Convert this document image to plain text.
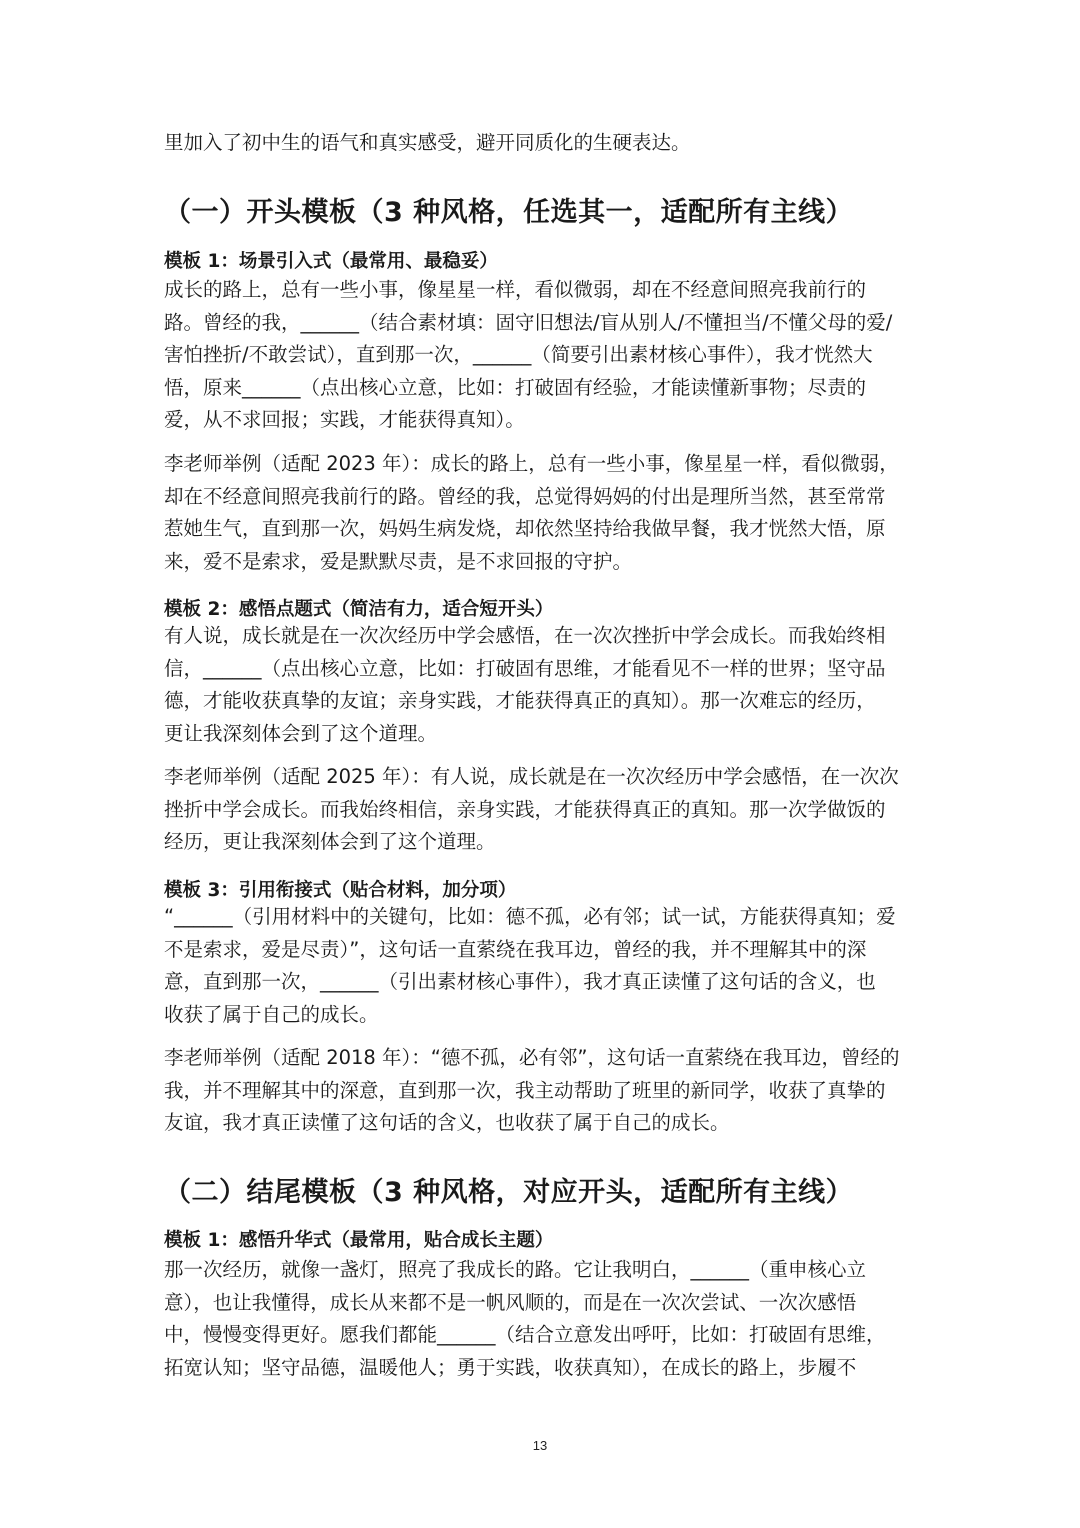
里加入了初中生的语气和真实感受，避开同质化的生硬表达。

（一）开头模板（3 种风格，任选其一，适配所有主线）
模板 1：场景引入式（最常用、最稳妥）

成长的路上，总有一些小事，像星星一样，看似微弱，却在不经意间照亮我前行的
路。曾经的我，______（结合素材填：固守旧想法/盲从别人/不懂担当/不懂父母的爱/
害怕挫折/不敢尝试），直到那一次，______（简要引出素材核心事件），我才恍然大
悟，原来______（点出核心立意，比如：打破固有经验，才能读懂新事物；尽责的
爱，从不求回报；实践，才能获得真知）。

李老师举例（适配 2023 年）：成长的路上，总有一些小事，像星星一样，看似微弱，
却在不经意间照亮我前行的路。曾经的我，总觉得妈妈的付出是理所当然，甚至常常
惹她生气，直到那一次，妈妈生病发烧，却依然坚持给我做早餐，我才恍然大悟，原
来，爱不是索求，爱是默默尽责，是不求回报的守护。

模板 2：感悟点题式（简洁有力，适合短开头）

有人说，成长就是在一次次经历中学会感悟，在一次次挫折中学会成长。而我始终相
信，______（点出核心立意，比如：打破固有思维，才能看见不一样的世界；坚守品
德，才能收获真挚的友谊；亲身实践，才能获得真正的真知）。那一次难忘的经历，
更让我深刻体会到了这个道理。

李老师举例（适配 2025 年）：有人说，成长就是在一次次经历中学会感悟，在一次次
挫折中学会成长。而我始终相信，亲身实践，才能获得真正的真知。那一次学做饭的
经历，更让我深刻体会到了这个道理。

模板 3：引用衔接式（贴合材料，加分项）

“______（引用材料中的关键句，比如：德不孤，必有邻；试一试，方能获得真知；爱
不是索求，爱是尽责）”，这句话一直萦绕在我耳边，曾经的我，并不理解其中的深
意，直到那一次，______（引出素材核心事件），我才真正读懂了这句话的含义，也
收获了属于自己的成长。

李老师举例（适配 2018 年）：“德不孤，必有邻”，这句话一直萦绕在我耳边，曾经的
我，并不理解其中的深意，直到那一次，我主动帮助了班里的新同学，收获了真挚的
友谊，我才真正读懂了这句话的含义，也收获了属于自己的成长。

（二）结尾模板（3 种风格，对应开头，适配所有主线）
模板 1：感悟升华式（最常用，贴合成长主题）

那一次经历，就像一盏灯，照亮了我成长的路。它让我明白，______（重申核心立
意），也让我懂得，成长从来都不是一帆风顺的，而是在一次次尝试、一次次感悟
中，慢慢变得更好。愿我们都能______（结合立意发出呼吁，比如：打破固有思维，
拓宽认知；坚守品德，温暖他人；勇于实践，收获真知），在成长的路上，步履不

13
